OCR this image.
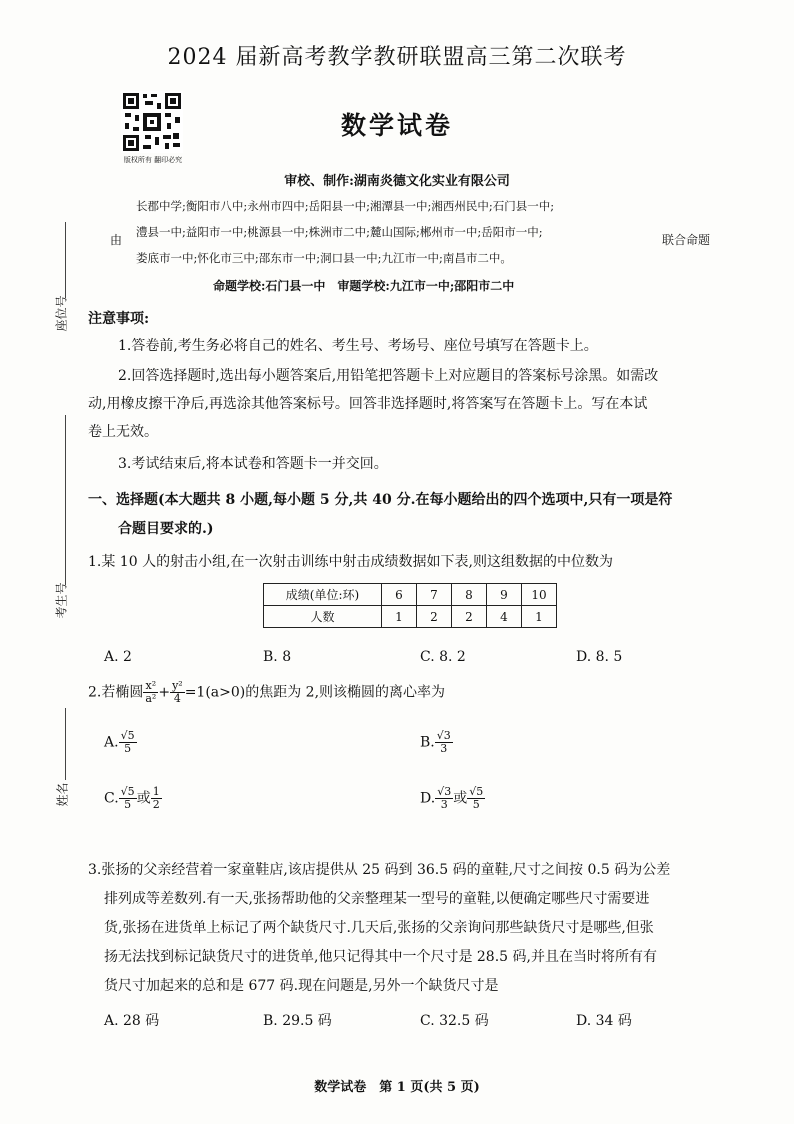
2024 届新高考教学教研联盟高三第二次联考
版权所有 翻印必究
数学试卷
审校、制作:湖南炎德文化实业有限公司
长郡中学;衡阳市八中;永州市四中;岳阳县一中;湘潭县一中;湘西州民中;石门县一中;
澧县一中;益阳市一中;桃源县一中;株洲市二中;麓山国际;郴州市一中;岳阳市一中;
娄底市一中;怀化市三中;邵东市一中;洞口县一中;九江市一中;南昌市二中。
由	联合命题
命题学校:石门县一中　审题学校:九江市一中;邵阳市二中
座位号
考生号
姓名
注意事项:
1.答卷前,考生务必将自己的姓名、考生号、考场号、座位号填写在答题卡上。
2.回答选择题时,选出每小题答案后,用铅笔把答题卡上对应题目的答案标号涂黑。如需改
动,用橡皮擦干净后,再选涂其他答案标号。回答非选择题时,将答案写在答题卡上。写在本试
卷上无效。
3.考试结束后,将本试卷和答题卡一并交回。
一、选择题(本大题共 8 小题,每小题 5 分,共 40 分.在每小题给出的四个选项中,只有一项是符
合题目要求的.)
1.某 10 人的射击小组,在一次射击训练中射击成绩数据如下表,则这组数据的中位数为
成绩(单位:环)	6	7	8	9	10
人数	1	2	2	4	1
A. 2	B. 8	C. 8. 2	D. 8. 5
2.若椭圆 $\frac{\text{x²}}{\text{a²}} + \frac{\text{y²}}{4} =1(a>0)$的焦距为 2,则该椭圆的离心率为
A. $\frac{√5}{5}$	B. $\frac{√3}{3}$
C. $\frac{√5}{5}$ 或 $\frac{1}{2}$	D. $\frac{√3}{3}$ 或 $\frac{√5}{5}$
3.张扬的父亲经营着一家童鞋店,该店提供从 25 码到 36.5 码的童鞋,尺寸之间按 0.5 码为公差
排列成等差数列.有一天,张扬帮助他的父亲整理某一型号的童鞋,以便确定哪些尺寸需要进
货,张扬在进货单上标记了两个缺货尺寸.几天后,张扬的父亲询问那些缺货尺寸是哪些,但张
扬无法找到标记缺货尺寸的进货单,他只记得其中一个尺寸是 28.5 码,并且在当时将所有有
货尺寸加起来的总和是 677 码.现在问题是,另外一个缺货尺寸是
A. 28 码	B. 29.5 码	C. 32.5 码	D. 34 码
数学试卷　第 1 页(共 5 页)
